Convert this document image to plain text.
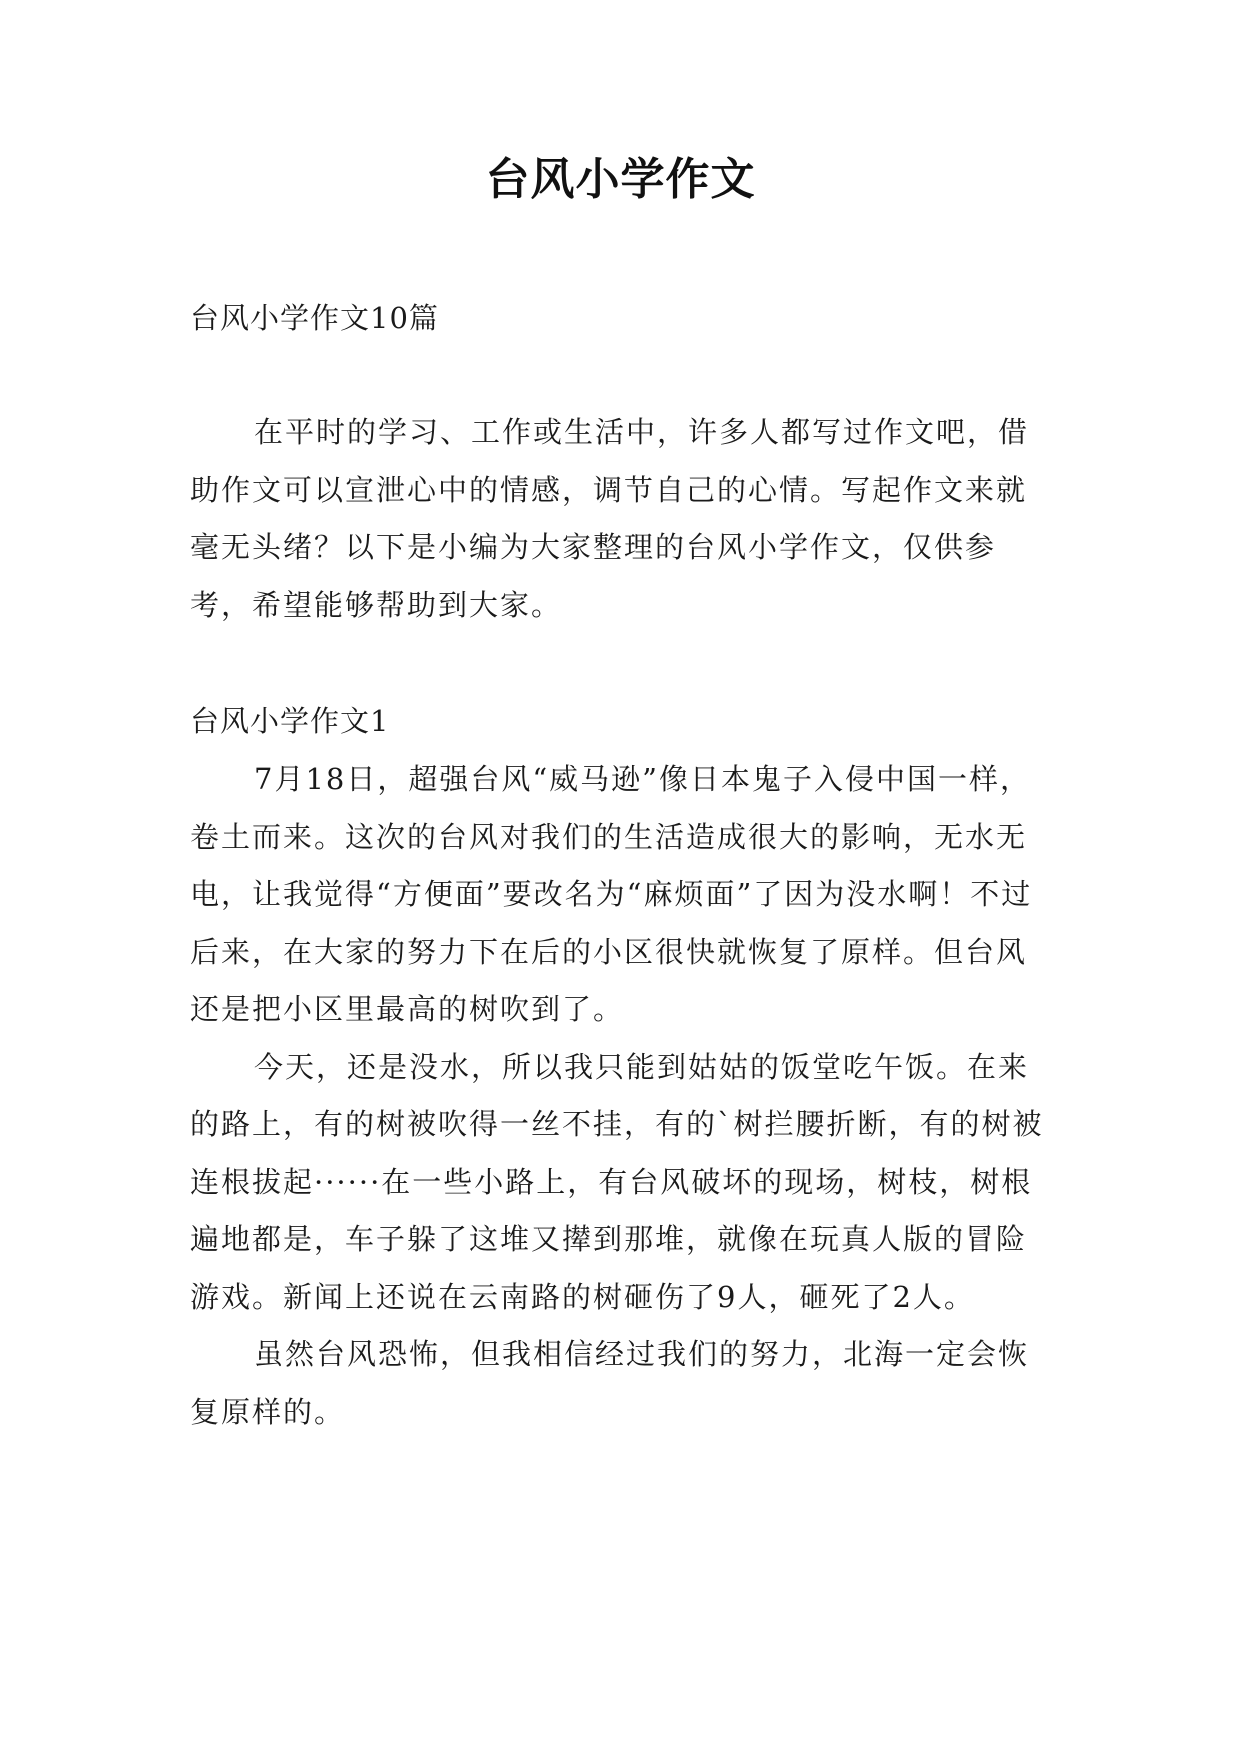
台风小学作文
台风小学作文10篇

在平时的学习、工作或生活中，许多人都写过作文吧，借助作文可以宣泄心中的情感，调节自己的心情。写起作文来就毫无头绪？以下是小编为大家整理的台风小学作文，仅供参考，希望能够帮助到大家。

台风小学作文1

7月18日，超强台风“威马逊”像日本鬼子入侵中国一样，卷土而来。这次的台风对我们的生活造成很大的影响，无水无电，让我觉得“方便面”要改名为“麻烦面”了因为没水啊！不过后来，在大家的努力下在后的小区很快就恢复了原样。但台风还是把小区里最高的树吹到了。

今天，还是没水，所以我只能到姑姑的饭堂吃午饭。在来的路上，有的树被吹得一丝不挂，有的`树拦腰折断，有的树被连根拔起······在一些小路上，有台风破坏的现场，树枝，树根遍地都是，车子躲了这堆又撵到那堆，就像在玩真人版的冒险游戏。新闻上还说在云南路的树砸伤了9人，砸死了2人。

虽然台风恐怖，但我相信经过我们的努力，北海一定会恢复原样的。
